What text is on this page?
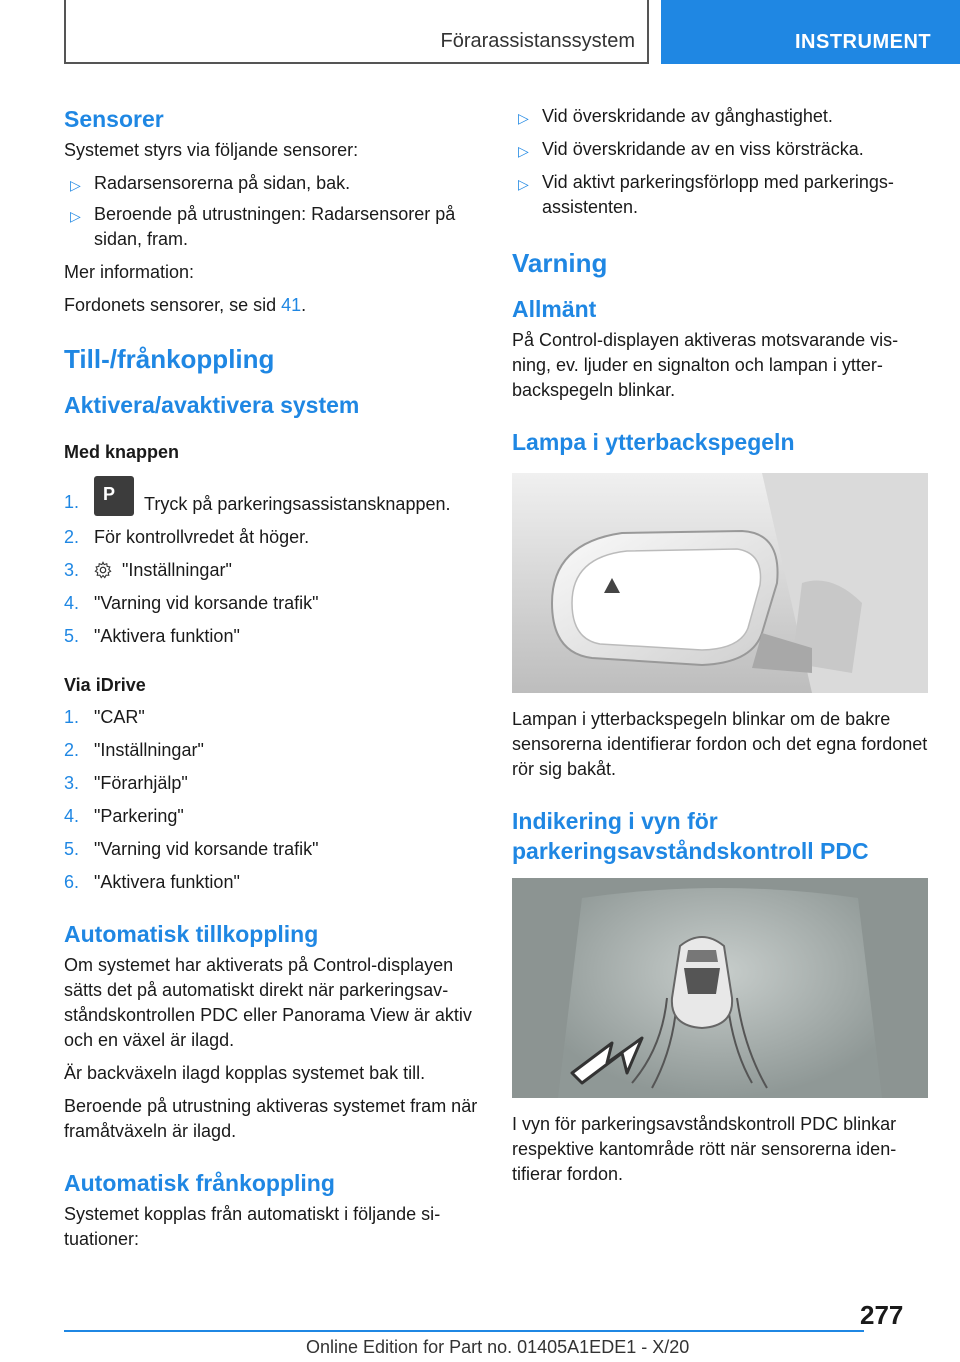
Förarassistanssystem	INSTRUMENT
Sensorer

Systemet styrs via följande sensorer:

▷ Radarsensorerna på sidan, bak.
▷ Beroende på utrustningen: Radarsensorer på sidan, fram.

Mer information:

Fordonets sensorer, se sid 41.

Till-/frånkoppling
Aktivera/avaktivera system
Med knappen
1. P Tryck på parkeringsassistansknappen.
2. För kontrollvredet åt höger.
3. "Inställningar"
4. "Varning vid korsande trafik"
5. "Aktivera funktion"
Via iDrive
1. "CAR"
2. "Inställningar"
3. "Förarhjälp"
4. "Parkering"
5. "Varning vid korsande trafik"
6. "Aktivera funktion"
Automatisk tillkoppling

Om systemet har aktiverats på Control-displayen sätts det på automatiskt direkt när parkeringsavståndskontrollen PDC eller Panorama View är aktiv och en växel är ilagd.

Är backväxeln ilagd kopplas systemet bak till.

Beroende på utrustning aktiveras systemet fram när framåtväxeln är ilagd.

Automatisk frånkoppling

Systemet kopplas från automatiskt i följande situationer:

▷ Vid överskridande av gånghastighet.
▷ Vid överskridande av en viss körsträcka.
▷ Vid aktivt parkeringsförlopp med parkeringsassistenten.
Varning
Allmänt

På Control-displayen aktiveras motsvarande visning, ev. ljuder en signalton och lampan i ytterbackspegeln blinkar.

Lampa i ytterbackspegeln

Lampan i ytterbackspegeln blinkar om de bakre sensorerna identifierar fordon och det egna fordonet rör sig bakåt.

Indikering i vyn för parkeringsavståndskontroll PDC

I vyn för parkeringsavståndskontroll PDC blinkar respektive kantområde rött när sensorerna identifierar fordon.

277
Online Edition for Part no. 01405A1EDE1 - X/20
